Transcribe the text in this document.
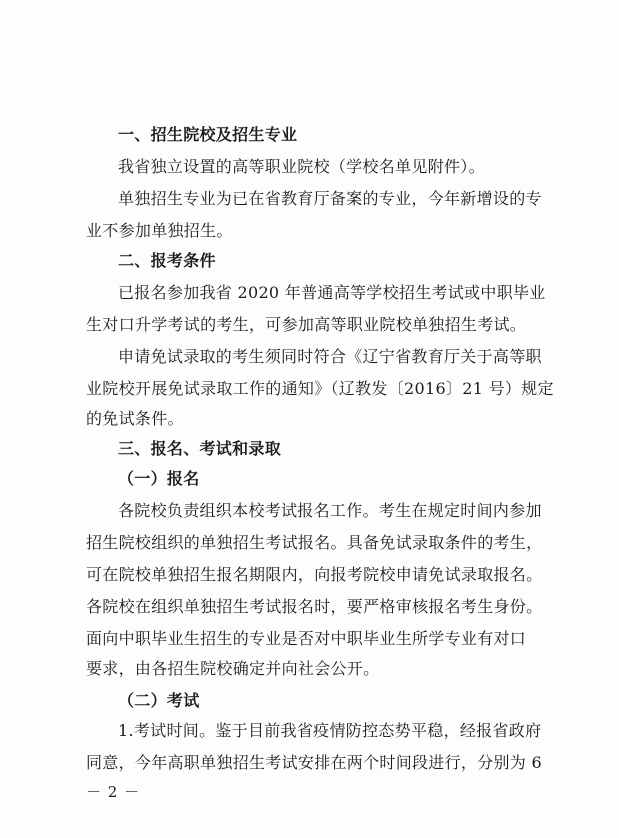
一、招生院校及招生专业
我省独立设置的高等职业院校（学校名单见附件）。
单独招生专业为已在省教育厅备案的专业，今年新增设的专
业不参加单独招生。
二、报考条件
已报名参加我省 2020 年普通高等学校招生考试或中职毕业
生对口升学考试的考生，可参加高等职业院校单独招生考试。
申请免试录取的考生须同时符合《辽宁省教育厅关于高等职
业院校开展免试录取工作的通知》（辽教发〔2016〕21 号）规定
的免试条件。
三、报名、考试和录取
（一）报名
各院校负责组织本校考试报名工作。考生在规定时间内参加
招生院校组织的单独招生考试报名。具备免试录取条件的考生，
可在院校单独招生报名期限内，向报考院校申请免试录取报名。
各院校在组织单独招生考试报名时，要严格审核报名考生身份。
面向中职毕业生招生的专业是否对中职毕业生所学专业有对口
要求，由各招生院校确定并向社会公开。
（二）考试
1.考试时间。鉴于目前我省疫情防控态势平稳，经报省政府
同意，今年高职单独招生考试安排在两个时间段进行，分别为 6
－ 2 －
